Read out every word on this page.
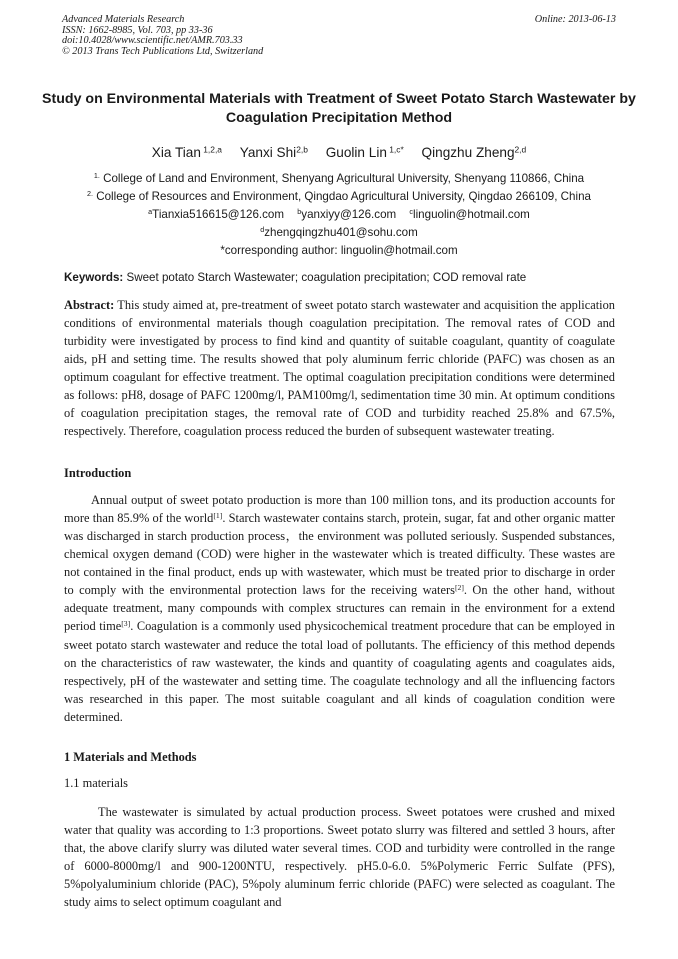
Advanced Materials Research
ISSN: 1662-8985, Vol. 703, pp 33-36
doi:10.4028/www.scientific.net/AMR.703.33
© 2013 Trans Tech Publications Ltd, Switzerland
Online: 2013-06-13
Study on Environmental Materials with Treatment of Sweet Potato Starch Wastewater by Coagulation Precipitation Method
Xia Tian $^{1,2,a}$ Yanxi Shi$^{2,b}$ Guolin Lin $^{1,c*}$ Qingzhu Zheng$^{2,d}$
$^{1.}$ College of Land and Environment, Shenyang Agricultural University, Shenyang 110866, China
$^{2.}$ College of Resources and Environment, Qingdao Agricultural University, Qingdao 266109, China
$^a$Tianxia516615@126.com $^b$yanxiyy@126.com $^c$linguolin@hotmail.com
$^d$zhengqingzhu401@sohu.com
*corresponding author: linguolin@hotmail.com
Keywords: Sweet potato Starch Wastewater; coagulation precipitation; COD removal rate

Abstract: This study aimed at, pre-treatment of sweet potato starch wastewater and acquisition the application conditions of environmental materials though coagulation precipitation. The removal rates of COD and turbidity were investigated by process to find kind and quantity of suitable coagulant, quantity of coagulate aids, pH and setting time. The results showed that poly aluminum ferric chloride (PAFC) was chosen as an optimum coagulant for effective treatment. The optimal coagulation precipitation conditions were determined as follows: pH8, dosage of PAFC 1200mg/l, PAM100mg/l, sedimentation time 30 min. At optimum conditions of coagulation precipitation stages, the removal rate of COD and turbidity reached 25.8% and 67.5%, respectively. Therefore, coagulation process reduced the burden of subsequent wastewater treating.

Introduction

Annual output of sweet potato production is more than 100 million tons, and its production accounts for more than 85.9% of the world[1]. Starch wastewater contains starch, protein, sugar, fat and other organic matter was discharged in starch production process，the environment was polluted seriously. Suspended substances, chemical oxygen demand (COD) were higher in the wastewater which is treated difficulty. These wastes are not contained in the final product, ends up with wastewater, which must be treated prior to discharge in order to comply with the environmental protection laws for the receiving waters[2]. On the other hand, without adequate treatment, many compounds with complex structures can remain in the environment for a extend period time[3]. Coagulation is a commonly used physicochemical treatment procedure that can be employed in sweet potato starch wastewater and reduce the total load of pollutants. The efficiency of this method depends on the characteristics of raw wastewater, the kinds and quantity of coagulating agents and coagulates aids, respectively, pH of the wastewater and setting time. The coagulate technology and all the influencing factors was researched in this paper. The most suitable coagulant and all kinds of coagulation condition were determined.

1 Materials and Methods
1.1 materials

The wastewater is simulated by actual production process. Sweet potatoes were crushed and mixed water that quality was according to 1:3 proportions. Sweet potato slurry was filtered and settled 3 hours, after that, the above clarify slurry was diluted water several times. COD and turbidity were controlled in the range of 6000-8000mg/l and 900-1200NTU, respectively. pH5.0-6.0. 5%Polymeric Ferric Sulfate (PFS), 5%polyaluminium chloride (PAC), 5%poly aluminum ferric chloride (PAFC) were selected as coagulant. The study aims to select optimum coagulant and
